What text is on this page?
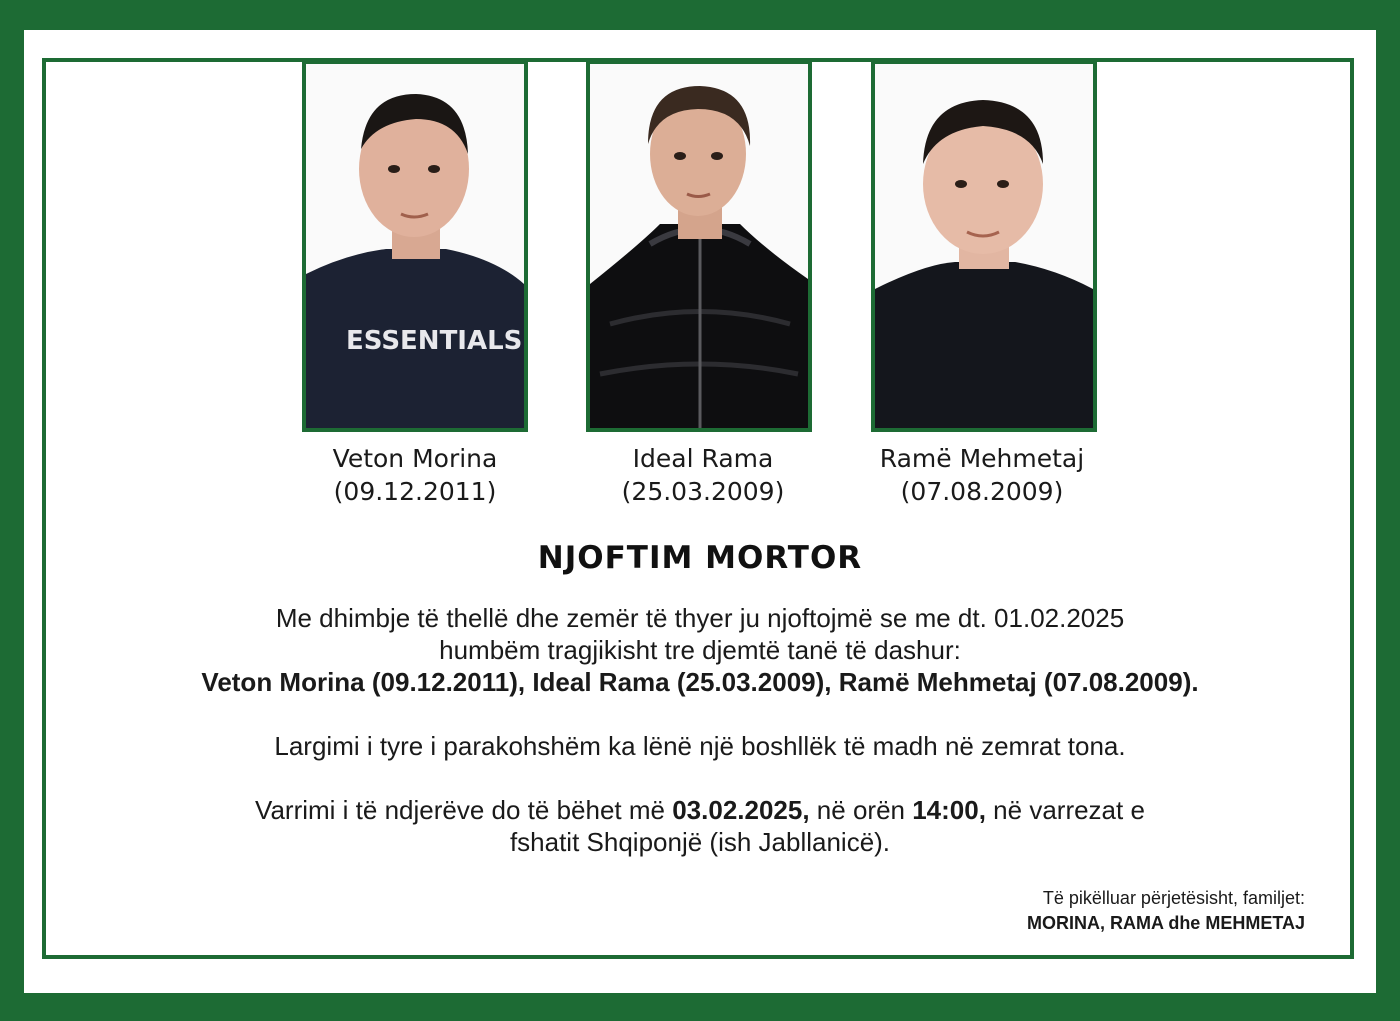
ESSENTIALS
Veton Morina
(09.12.2011)
Ideal Rama
(25.03.2009)
Ramë Mehmetaj
(07.08.2009)
NJOFTIM MORTOR

Me dhimbje të thellë dhe zemër të thyer ju njoftojmë se me dt. 01.02.2025

humbëm tragjikisht tre djemtë tanë të dashur:

Veton Morina (09.12.2011), Ideal Rama (25.03.2009), Ramë Mehmetaj (07.08.2009).

Largimi i tyre i parakohshëm ka lënë një boshllëk të madh në zemrat tona.

Varrimi i të ndjerëve do të bëhet më 03.02.2025, në orën 14:00, në varrezat e

fshatit Shqiponjë (ish Jabllanicë).

Të pikëlluar përjetësisht, familjet:
MORINA, RAMA dhe MEHMETAJ
